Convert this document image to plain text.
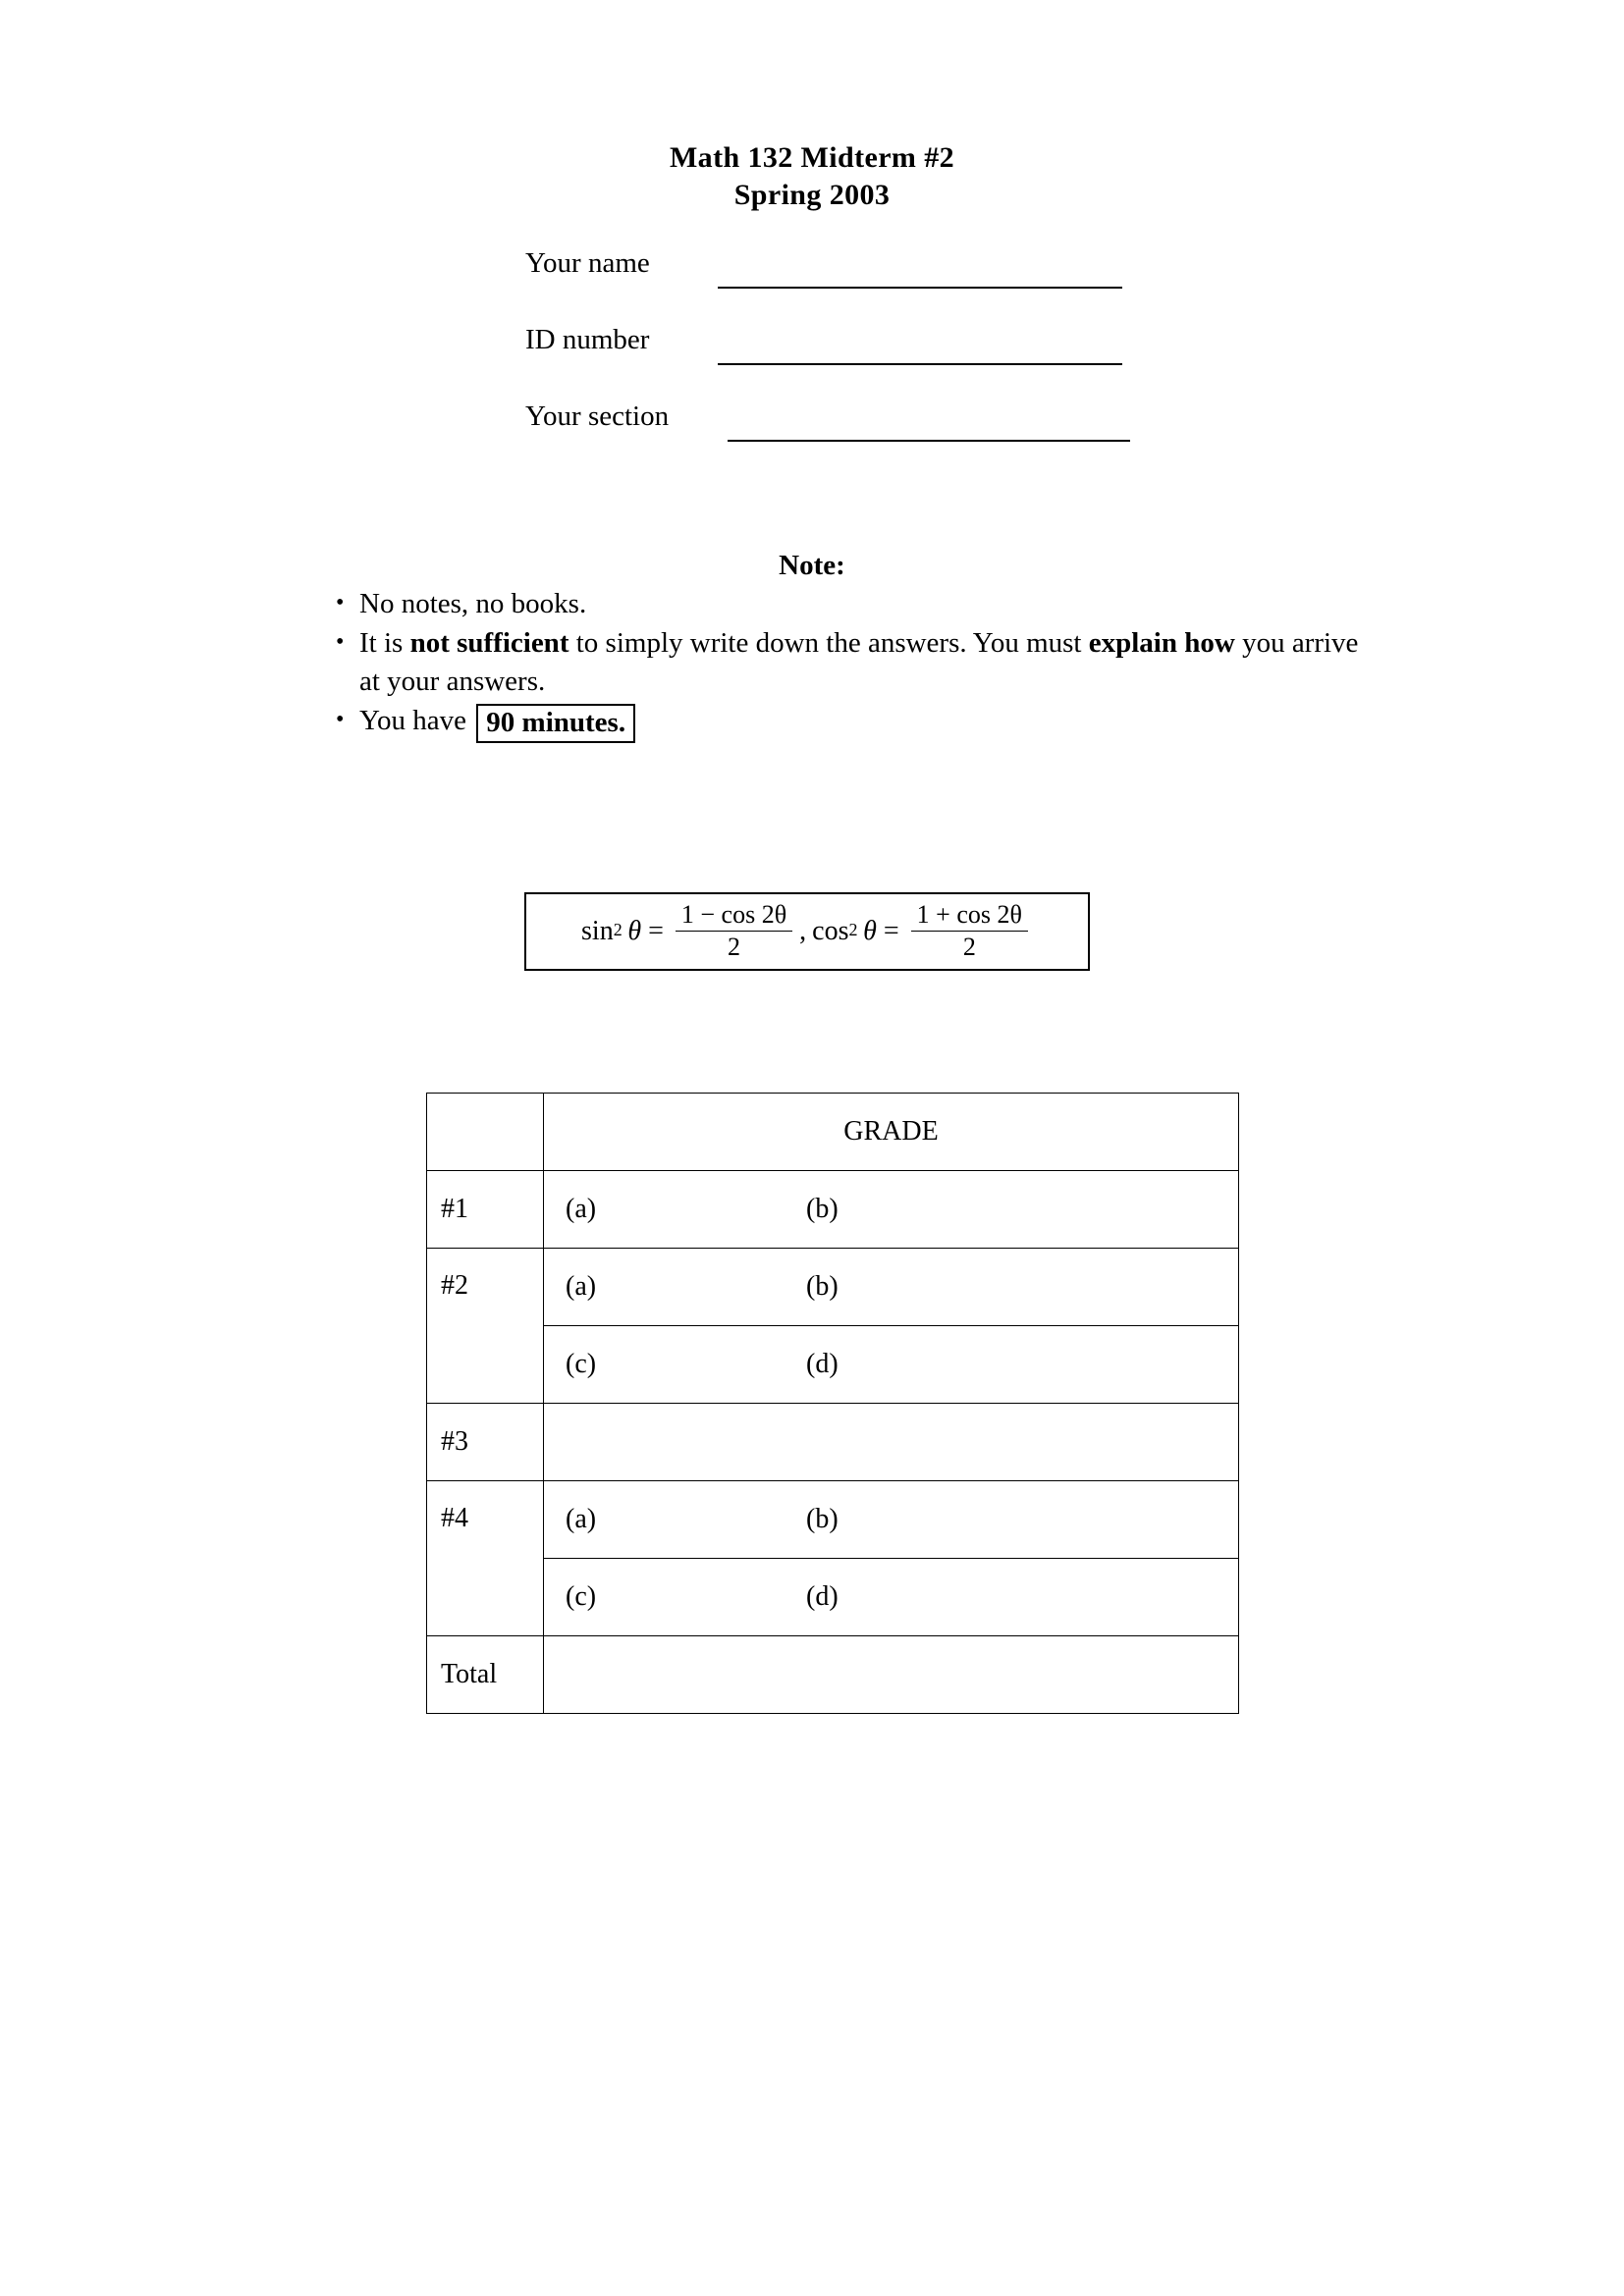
Math 132 Midterm #2
Spring 2003
Your name
ID number
Your section
Note:
• No notes, no books.
• It is not sufficient to simply write down the answers. You must explain how you arrive at your answers.
• You have 90 minutes.
sin 2
  $\theta = \frac{1 - \cos 2\theta}{2}$ , cos 2
  $\theta = \frac{1 + \cos 2\theta}{2}$
	GRADE
#1	(a) (b)

#2	(a) (b)

	(c) (d)

#3	
#4	(a) (b)

	(c) (d)

Total	
